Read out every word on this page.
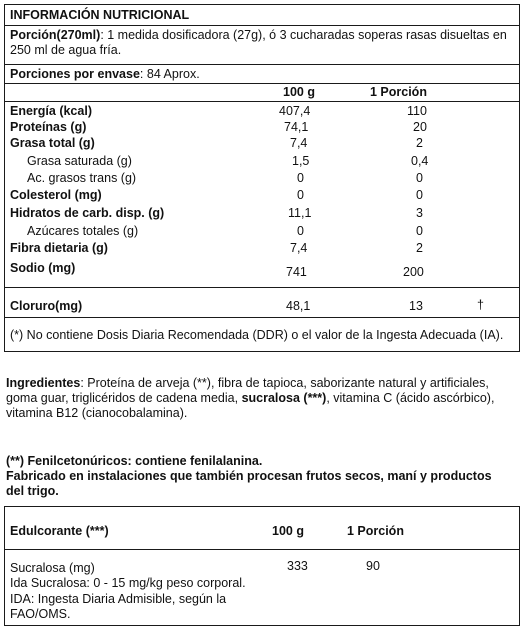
INFORMACIÓN NUTRICIONAL
Porción(270ml): 1 medida dosificadora (27g), ó 3 cucharadas soperas rasas disueltas en 250 ml de agua fría.
Porciones por envase: 84 Aprox.
100 g	1 Porción
Energía (kcal)	407,4	110
Proteínas (g)	74,1	20
Grasa total (g)	7,4	2
Grasa saturada (g)	1,5	0,4
Ac. grasos trans (g)	0	0
Colesterol (mg)	0	0
Hidratos de carb. disp. (g)	11,1	3
Azúcares totales (g)	0	0
Fibra dietaria (g)	7,4	2
Sodio (mg)	741	200
Cloruro(mg)	48,1	13	†
(*) No contiene Dosis Diaria Recomendada (DDR) o el valor de la Ingesta Adecuada (IA).
Ingredientes: Proteína de arveja (**), fibra de tapioca, saborizante natural y artificiales, goma guar, triglicéridos de cadena media, sucralosa (***), vitamina C (ácido ascórbico), vitamina B12 (cianocobalamina).
(**) Fenilcetonúricos: contiene fenilalanina.
Fabricado en instalaciones que también procesan frutos secos, maní y productos del trigo.
Edulcorante (***)	100 g	1 Porción
Sucralosa (mg)	333	90
Ida Sucralosa: 0 - 15 mg/kg peso corporal.
IDA: Ingesta Diaria Admisible, según la FAO/OMS.
